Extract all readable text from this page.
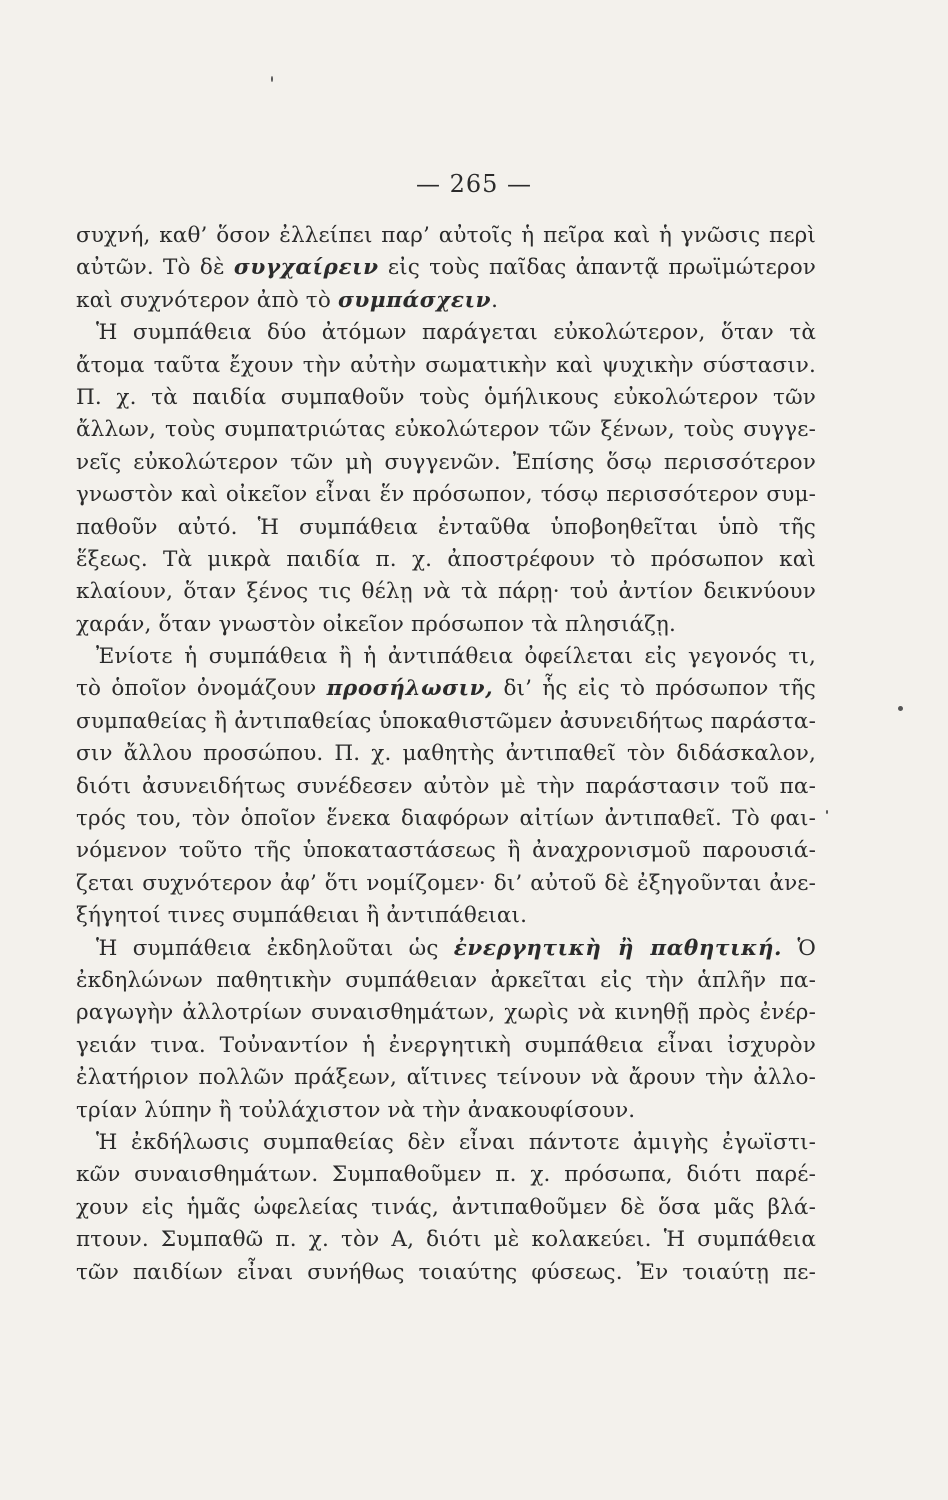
— 265 —
συχνή, καθ’ ὅσον ἐλλείπει παρ’ αὐτοῖς ἡ πεῖρα καὶ ἡ γνῶσις περὶ
αὐτῶν. Τὸ δὲ συγχαίρειν εἰς τοὺς παῖδας ἀπαντᾷ πρωϊμώτερον
καὶ συχνότερον ἀπὸ τὸ συμπάσχειν.
Ἡ συμπάθεια δύο ἀτόμων παράγεται εὐκολώτερον, ὅταν τὰ
ἄτομα ταῦτα ἔχουν τὴν αὐτὴν σωματικὴν καὶ ψυχικὴν σύστασιν.
Π. χ. τὰ παιδία συμπαθοῦν τοὺς ὁμήλικους εὐκολώτερον τῶν
ἄλλων, τοὺς συμπατριώτας εὐκολώτερον τῶν ξένων, τοὺς συγγε-
νεῖς εὐκολώτερον τῶν μὴ συγγενῶν. Ἐπίσης ὅσῳ περισσότερον
γνωστὸν καὶ οἰκεῖον εἶναι ἕν πρόσωπον, τόσῳ περισσότερον συμ-
παθοῦν αὐτό. Ἡ συμπάθεια ἐνταῦθα ὑποβοηθεῖται ὑπὸ τῆς
ἕξεως. Τὰ μικρὰ παιδία π. χ. ἀποστρέφουν τὸ πρόσωπον καὶ
κλαίουν, ὅταν ξένος τις θέλῃ νὰ τὰ πάρῃ· τοὐ ἀντίον δεικνύουν
χαράν, ὅταν γνωστὸν οἰκεῖον πρόσωπον τὰ πλησιάζῃ.
Ἐνίοτε ἡ συμπάθεια ἢ ἡ ἀντιπάθεια ὀφείλεται εἰς γεγονός τι,
τὸ ὁποῖον ὀνομάζουν προσήλωσιν, δι’ ἧς εἰς τὸ πρόσωπον τῆς
συμπαθείας ἢ ἀντιπαθείας ὑποκαθιστῶμεν ἀσυνειδήτως παράστα-
σιν ἄλλου προσώπου. Π. χ. μαθητὴς ἀντιπαθεῖ τὸν διδάσκαλον,
διότι ἀσυνειδήτως συνέδεσεν αὐτὸν μὲ τὴν παράστασιν τοῦ πα-
τρός του, τὸν ὁποῖον ἕνεκα διαφόρων αἰτίων ἀντιπαθεῖ. Τὸ φαι-
νόμενον τοῦτο τῆς ὑποκαταστάσεως ἢ ἀναχρονισμοῦ παρουσιά-
ζεται συχνότερον ἀφ’ ὅτι νομίζομεν· δι’ αὐτοῦ δὲ ἐξηγοῦνται ἀνε-
ξήγητοί τινες συμπάθειαι ἢ ἀντιπάθειαι.
Ἡ συμπάθεια ἐκδηλοῦται ὡς ἐνεργητικὴ ἢ παθητική. Ὁ
ἐκδηλώνων παθητικὴν συμπάθειαν ἀρκεῖται εἰς τὴν ἁπλῆν πα-
ραγωγὴν ἀλλοτρίων συναισθημάτων, χωρὶς νὰ κινηθῇ πρὸς ἐνέρ-
γειάν τινα. Τοὐναντίον ἡ ἐνεργητικὴ συμπάθεια εἶναι ἰσχυρὸν
ἐλατήριον πολλῶν πράξεων, αἵτινες τείνουν νὰ ἄρουν τὴν ἀλλο-
τρίαν λύπην ἢ τοὐλάχιστον νὰ τὴν ἀνακουφίσουν.
Ἡ ἐκδήλωσις συμπαθείας δὲν εἶναι πάντοτε ἀμιγὴς ἐγωϊστι-
κῶν συναισθημάτων. Συμπαθοῦμεν π. χ. πρόσωπα, διότι παρέ-
χουν εἰς ἡμᾶς ὠφελείας τινάς, ἀντιπαθοῦμεν δὲ ὅσα μᾶς βλά-
πτουν. Συμπαθῶ π. χ. τὸν Α, διότι μὲ κολακεύει. Ἡ συμπάθεια
τῶν παιδίων εἶναι συνήθως τοιαύτης φύσεως. Ἐν τοιαύτῃ πε-
